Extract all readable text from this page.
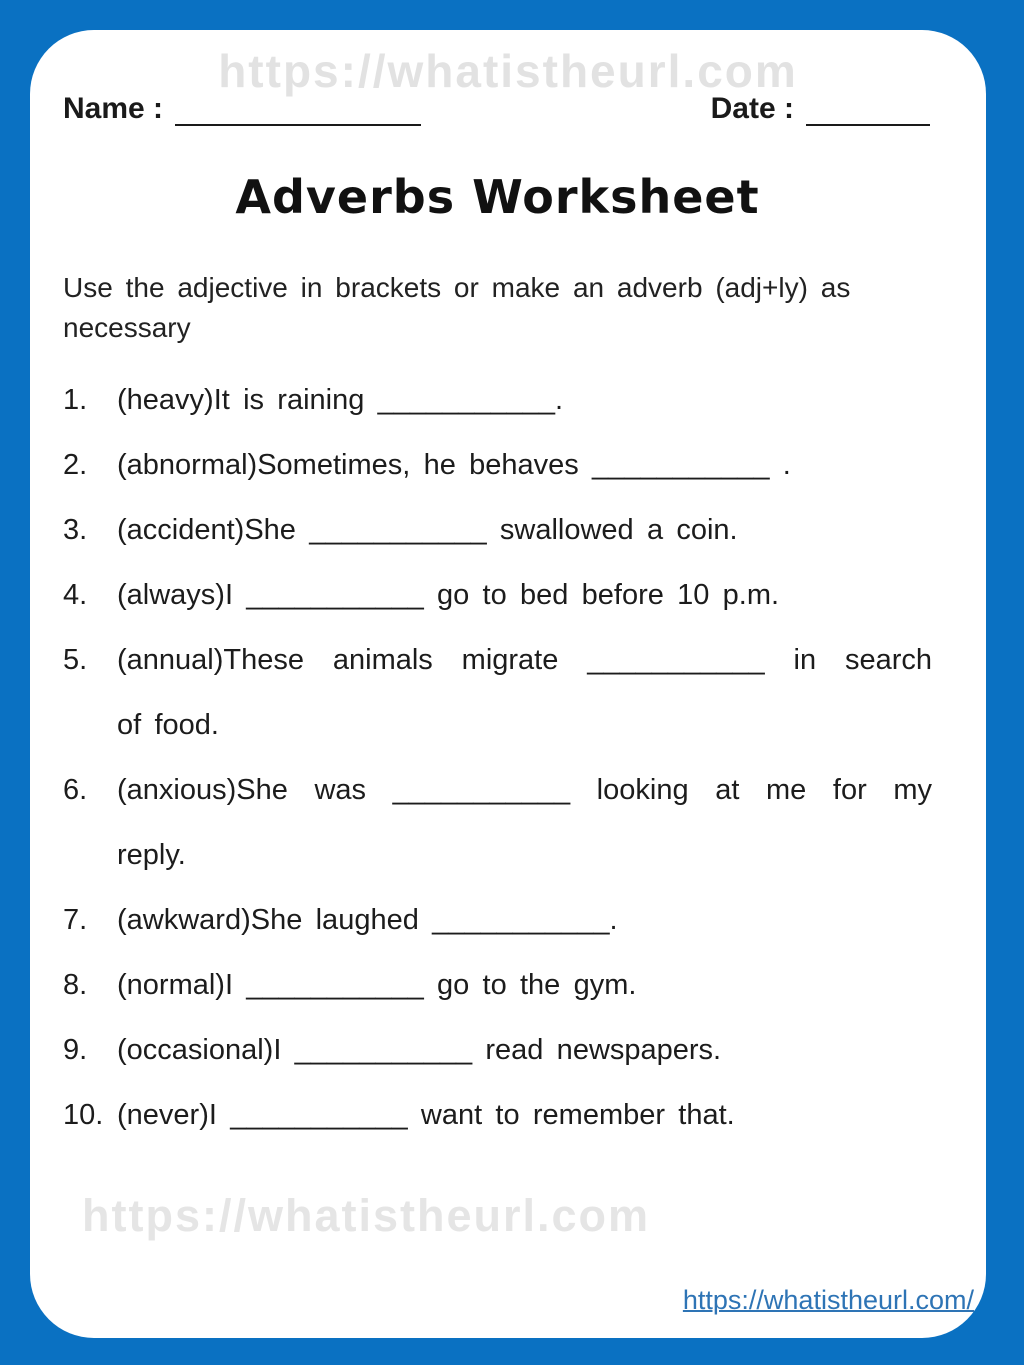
https://whatistheurl.com
Name :	Date :
Adverbs Worksheet
Use the adjective in brackets or make an adverb (adj+ly) as
necessary
1.	(heavy)It is raining ___________.
2.	(abnormal)Sometimes, he behaves ___________ .
3.	(accident)She ___________ swallowed a coin.
4.	(always)I ___________ go to bed before 10 p.m.
5.	(annual)These animals migrate ___________ in search
of food.
6.	(anxious)She was ___________ looking at me for my
reply.
7.	(awkward)She laughed ___________.
8.	(normal)I ___________ go to the gym.
9.	(occasional)I ___________ read newspapers.
10. (never)I ___________ want to remember that.
https://whatistheurl.com
https://whatistheurl.com/
